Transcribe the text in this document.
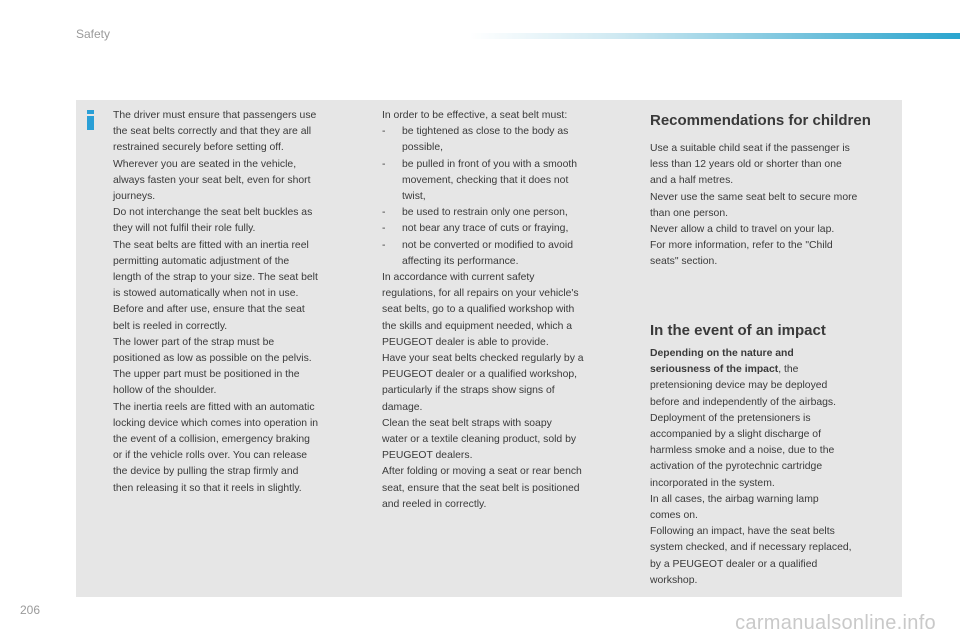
Safety

The driver must ensure that passengers use

the seat belts correctly and that they are all

restrained securely before setting off.

Wherever you are seated in the vehicle,

always fasten your seat belt, even for short

journeys.

Do not interchange the seat belt buckles as

they will not fulfil their role fully.

The seat belts are fitted with an inertia reel

permitting automatic adjustment of the

length of the strap to your size. The seat belt

is stowed automatically when not in use.

Before and after use, ensure that the seat

belt is reeled in correctly.

The lower part of the strap must be

positioned as low as possible on the pelvis.

The upper part must be positioned in the

hollow of the shoulder.

The inertia reels are fitted with an automatic

locking device which comes into operation in

the event of a collision, emergency braking

or if the vehicle rolls over. You can release

the device by pulling the strap firmly and

then releasing it so that it reels in slightly.

In order to be effective, a seat belt must:

- be tightened as close to the body as

possible,

- be pulled in front of you with a smooth

movement, checking that it does not

twist,

- be used to restrain only one person,

- not bear any trace of cuts or fraying,

- not be converted or modified to avoid

affecting its performance.

In accordance with current safety

regulations, for all repairs on your vehicle's

seat belts, go to a qualified workshop with

the skills and equipment needed, which a

PEUGEOT dealer is able to provide.

Have your seat belts checked regularly by a

PEUGEOT dealer or a qualified workshop,

particularly if the straps show signs of

damage.

Clean the seat belt straps with soapy

water or a textile cleaning product, sold by

PEUGEOT dealers.

After folding or moving a seat or rear bench

seat, ensure that the seat belt is positioned

and reeled in correctly.

Recommendations for children

Use a suitable child seat if the passenger is

less than 12 years old or shorter than one

and a half metres.

Never use the same seat belt to secure more

than one person.

Never allow a child to travel on your lap.

For more information, refer to the "Child

seats" section.

In the event of an impact

Depending on the nature and

seriousness of the impact, the

pretensioning device may be deployed

before and independently of the airbags.

Deployment of the pretensioners is

accompanied by a slight discharge of

harmless smoke and a noise, due to the

activation of the pyrotechnic cartridge

incorporated in the system.

In all cases, the airbag warning lamp

comes on.

Following an impact, have the seat belts

system checked, and if necessary replaced,

by a PEUGEOT dealer or a qualified

workshop.

206
carmanualsonline.info
